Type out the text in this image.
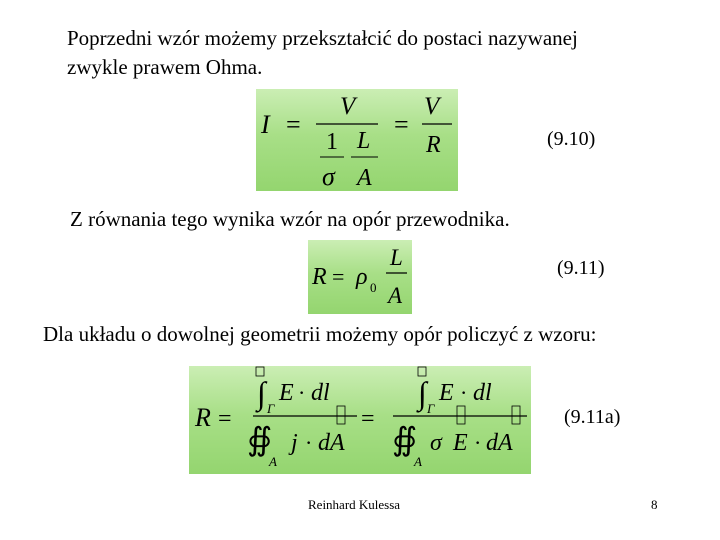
Poprzedni wzór możemy przekształcić do postaci nazywanej
zwykle prawem Ohma.
I =
V
1 L
σ A
=
V
R	(9.10)
Z równania tego wynika wzór na opór przewodnika.
R = ρ 0
L
A
(9.11)
Dla układu o dowolnej geometrii możemy opór policzyć z wzoru:
R =
∫ Γ
E · dl
∯
A
j · dA
=
∫ Γ
E · dl
∯
A
σ E · dA
(9.11a)
Reinhard Kulessa	8
